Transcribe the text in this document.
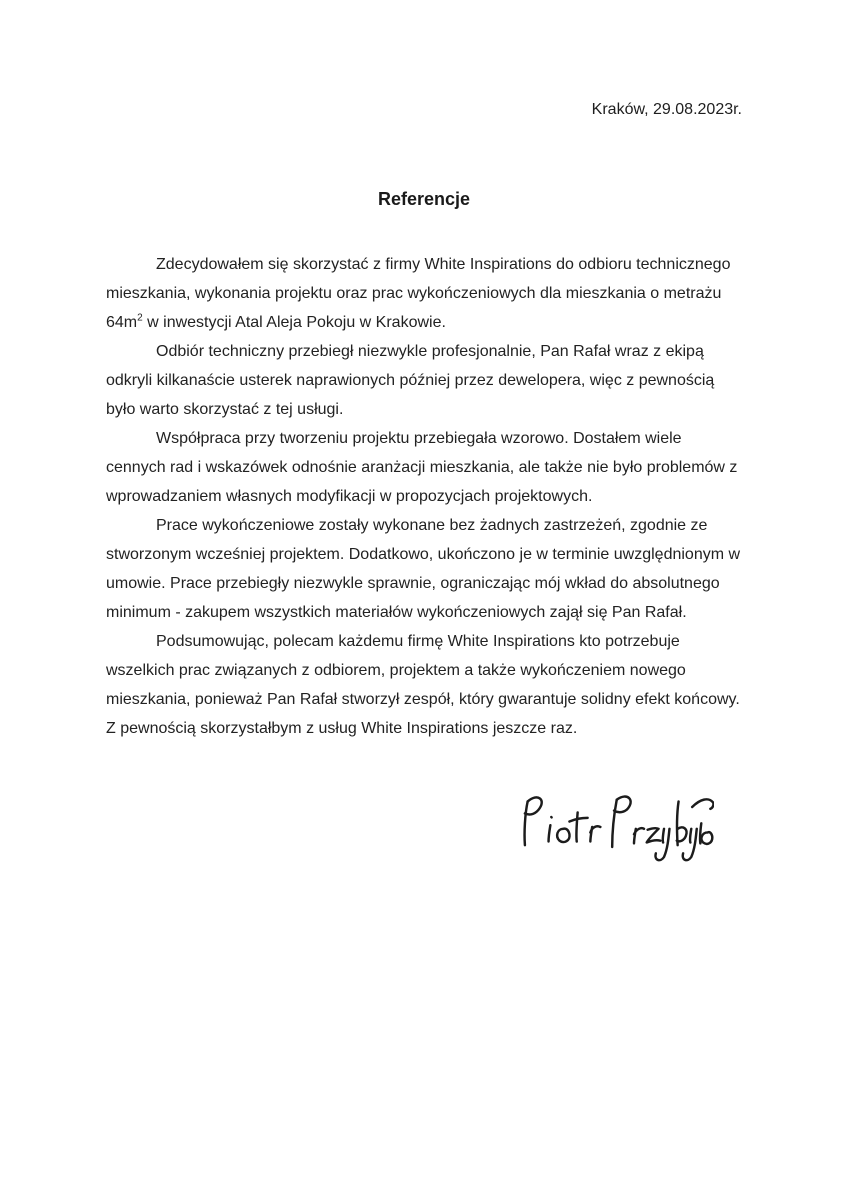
Kraków, 29.08.2023r.
Referencje

Zdecydowałem się skorzystać z firmy White Inspirations do odbioru technicznego mieszkania, wykonania projektu oraz prac wykończeniowych dla mieszkania o metrażu $64m^2$ w inwestycji Atal Aleja Pokoju w Krakowie.

Odbiór techniczny przebiegł niezwykle profesjonalnie, Pan Rafał wraz z ekipą odkryli kilkanaście usterek naprawionych później przez dewelopera, więc z pewnością było warto skorzystać z tej usługi.

Współpraca przy tworzeniu projektu przebiegała wzorowo. Dostałem wiele cennych rad i wskazówek odnośnie aranżacji mieszkania, ale także nie było problemów z wprowadzaniem własnych modyfikacji w propozycjach projektowych.

Prace wykończeniowe zostały wykonane bez żadnych zastrzeżeń, zgodnie ze stworzonym wcześniej projektem. Dodatkowo, ukończono je w terminie uwzględnionym w umowie. Prace przebiegły niezwykle sprawnie, ograniczając mój wkład do absolutnego minimum - zakupem wszystkich materiałów wykończeniowych zajął się Pan Rafał.

Podsumowując, polecam każdemu firmę White Inspirations kto potrzebuje wszelkich prac związanych z odbiorem, projektem a także wykończeniem nowego mieszkania, ponieważ Pan Rafał stworzył zespół, który gwarantuje solidny efekt końcowy. Z pewnością skorzystałbym z usług White Inspirations jeszcze raz.
